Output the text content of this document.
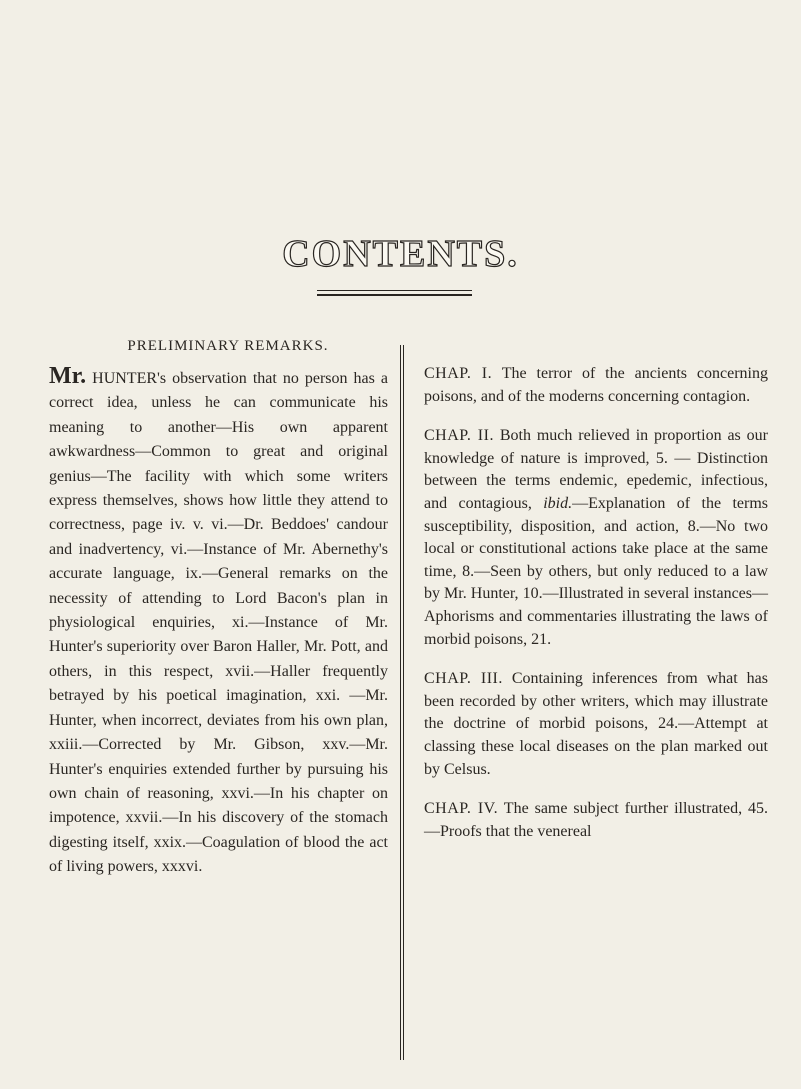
CONTENTS.
PRELIMINARY REMARKS.
Mr. HUNTER's observation that no person has a correct idea, unless he can communicate his meaning to another—His own apparent awkwardness—Common to great and original genius—The facility with which some writers express themselves, shows how little they attend to correctness, page iv. v. vi.—Dr. Beddoes' candour and inadvertency, vi.—Instance of Mr. Abernethy's accurate language, ix.—General remarks on the necessity of attending to Lord Bacon's plan in physiological enquiries, xi.—Instance of Mr. Hunter's superiority over Baron Haller, Mr. Pott, and others, in this respect, xvii.—Haller frequently betrayed by his poetical imagination, xxi. —Mr. Hunter, when incorrect, deviates from his own plan, xxiii.—Corrected by Mr. Gibson, xxv.—Mr. Hunter's enquiries extended further by pursuing his own chain of reasoning, xxvi.—In his chapter on impotence, xxvii.—In his discovery of the stomach digesting itself, xxix.—Coagulation of blood the act of living powers, xxxvi.

CHAP. I. The terror of the ancients concerning poisons, and of the moderns concerning contagion.

CHAP. II. Both much relieved in proportion as our knowledge of nature is improved, 5. — Distinction between the terms endemic, epedemic, infectious, and contagious, ibid.—Explanation of the terms susceptibility, disposition, and action, 8.—No two local or constitutional actions take place at the same time, 8.—Seen by others, but only reduced to a law by Mr. Hunter, 10.—Illustrated in several instances—Aphorisms and commentaries illustrating the laws of morbid poisons, 21.

CHAP. III. Containing inferences from what has been recorded by other writers, which may illustrate the doctrine of morbid poisons, 24.—Attempt at classing these local diseases on the plan marked out by Celsus.

CHAP. IV. The same subject further illustrated, 45.—Proofs that the venereal
